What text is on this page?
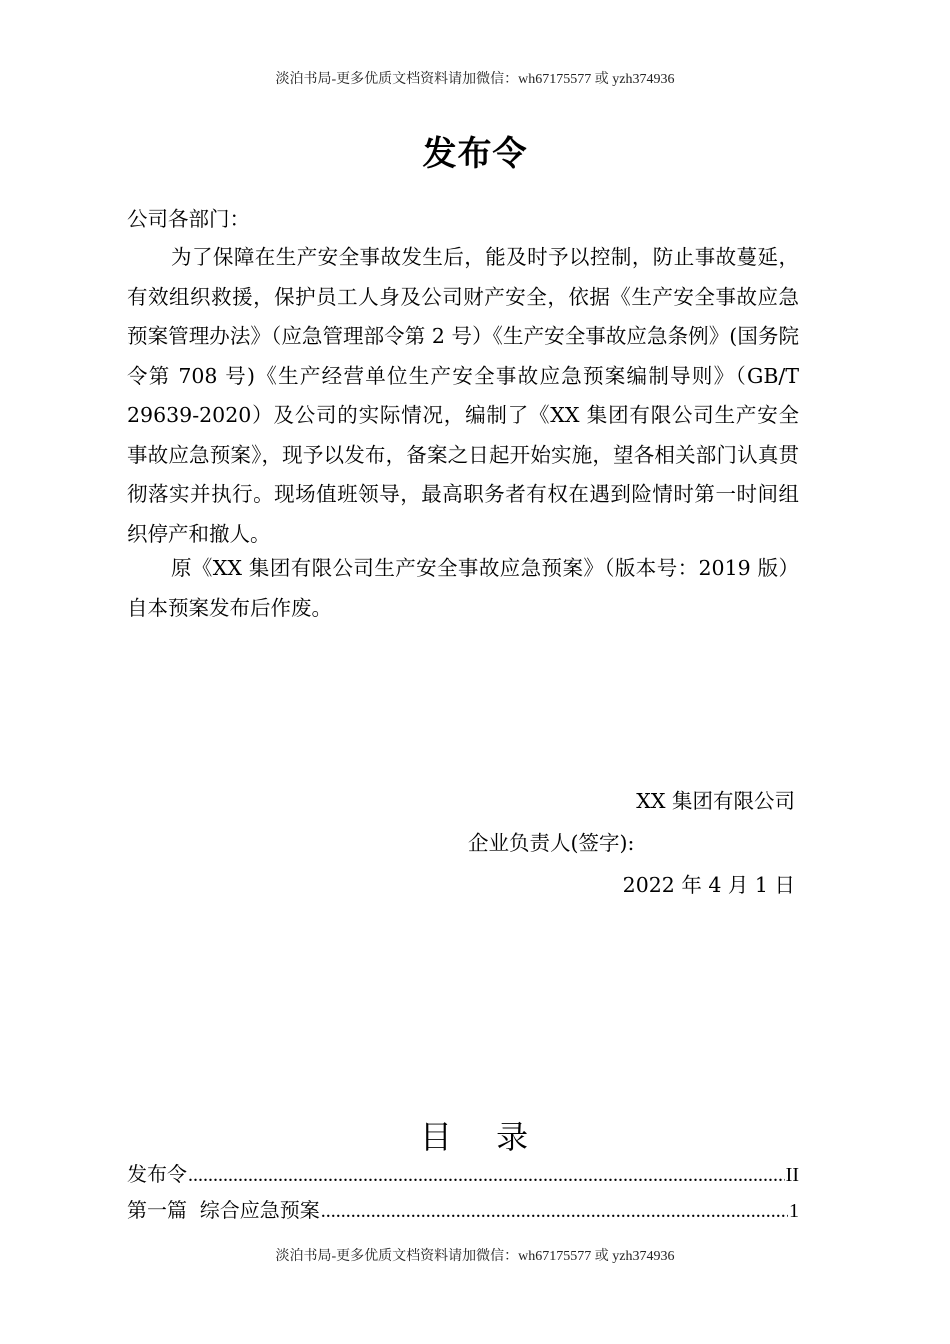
淡泊书局-更多优质文档资料请加微信：wh67175577 或 yzh374936
发布令
公司各部门：

为了保障在生产安全事故发生后，能及时予以控制，防止事故蔓延，有效组织救援，保护员工人身及公司财产安全，依据《生产安全事故应急预案管理办法》（应急管理部令第 2 号）《生产安全事故应急条例》(国务院令第 708 号)《生产经营单位生产安全事故应急预案编制导则》（GB/T 29639-2020）及公司的实际情况，编制了《XX 集团有限公司生产安全事故应急预案》，现予以发布，备案之日起开始实施，望各相关部门认真贯彻落实并执行。现场值班领导，最高职务者有权在遇到险情时第一时间组织停产和撤人。

原《XX 集团有限公司生产安全事故应急预案》（版本号：2019 版）自本预案发布后作废。

XX 集团有限公司
企业负责人(签字):
2022 年 4 月 1 日
目 录
发布令 .....	II
第一篇  综合应急预案 .....	1
淡泊书局-更多优质文档资料请加微信：wh67175577 或 yzh374936
